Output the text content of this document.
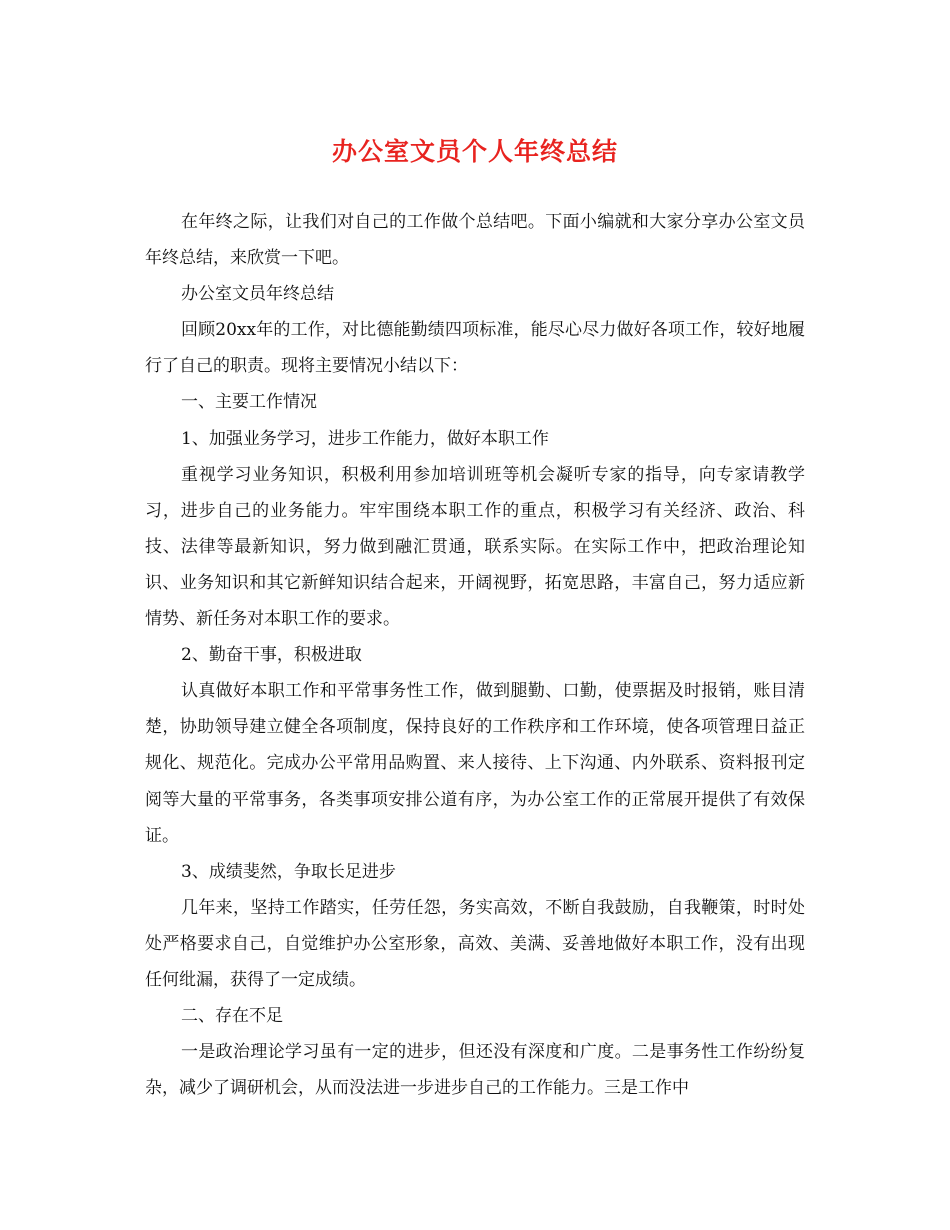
办公室文员个人年终总结

在年终之际，让我们对自己的工作做个总结吧。下面小编就和大家分享办公室文员年终总结，来欣赏一下吧。

办公室文员年终总结

回顾20xx年的工作，对比德能勤绩四项标准，能尽心尽力做好各项工作，较好地履行了自己的职责。现将主要情况小结以下：

一、主要工作情况

1、加强业务学习，进步工作能力，做好本职工作

重视学习业务知识，积极利用参加培训班等机会凝听专家的指导，向专家请教学习，进步自己的业务能力。牢牢围绕本职工作的重点，积极学习有关经济、政治、科技、法律等最新知识，努力做到融汇贯通，联系实际。在实际工作中，把政治理论知识、业务知识和其它新鲜知识结合起来，开阔视野，拓宽思路，丰富自己，努力适应新情势、新任务对本职工作的要求。

2、勤奋干事，积极进取

认真做好本职工作和平常事务性工作，做到腿勤、口勤，使票据及时报销，账目清楚，协助领导建立健全各项制度，保持良好的工作秩序和工作环境，使各项管理日益正规化、规范化。完成办公平常用品购置、来人接待、上下沟通、内外联系、资料报刊定阅等大量的平常事务，各类事项安排公道有序，为办公室工作的正常展开提供了有效保证。

3、成绩斐然，争取长足进步

几年来，坚持工作踏实，任劳任怨，务实高效，不断自我鼓励，自我鞭策，时时处处严格要求自己，自觉维护办公室形象，高效、美满、妥善地做好本职工作，没有出现任何纰漏，获得了一定成绩。

二、存在不足

一是政治理论学习虽有一定的进步，但还没有深度和广度。二是事务性工作纷纷复杂，减少了调研机会，从而没法进一步进步自己的工作能力。三是工作中
